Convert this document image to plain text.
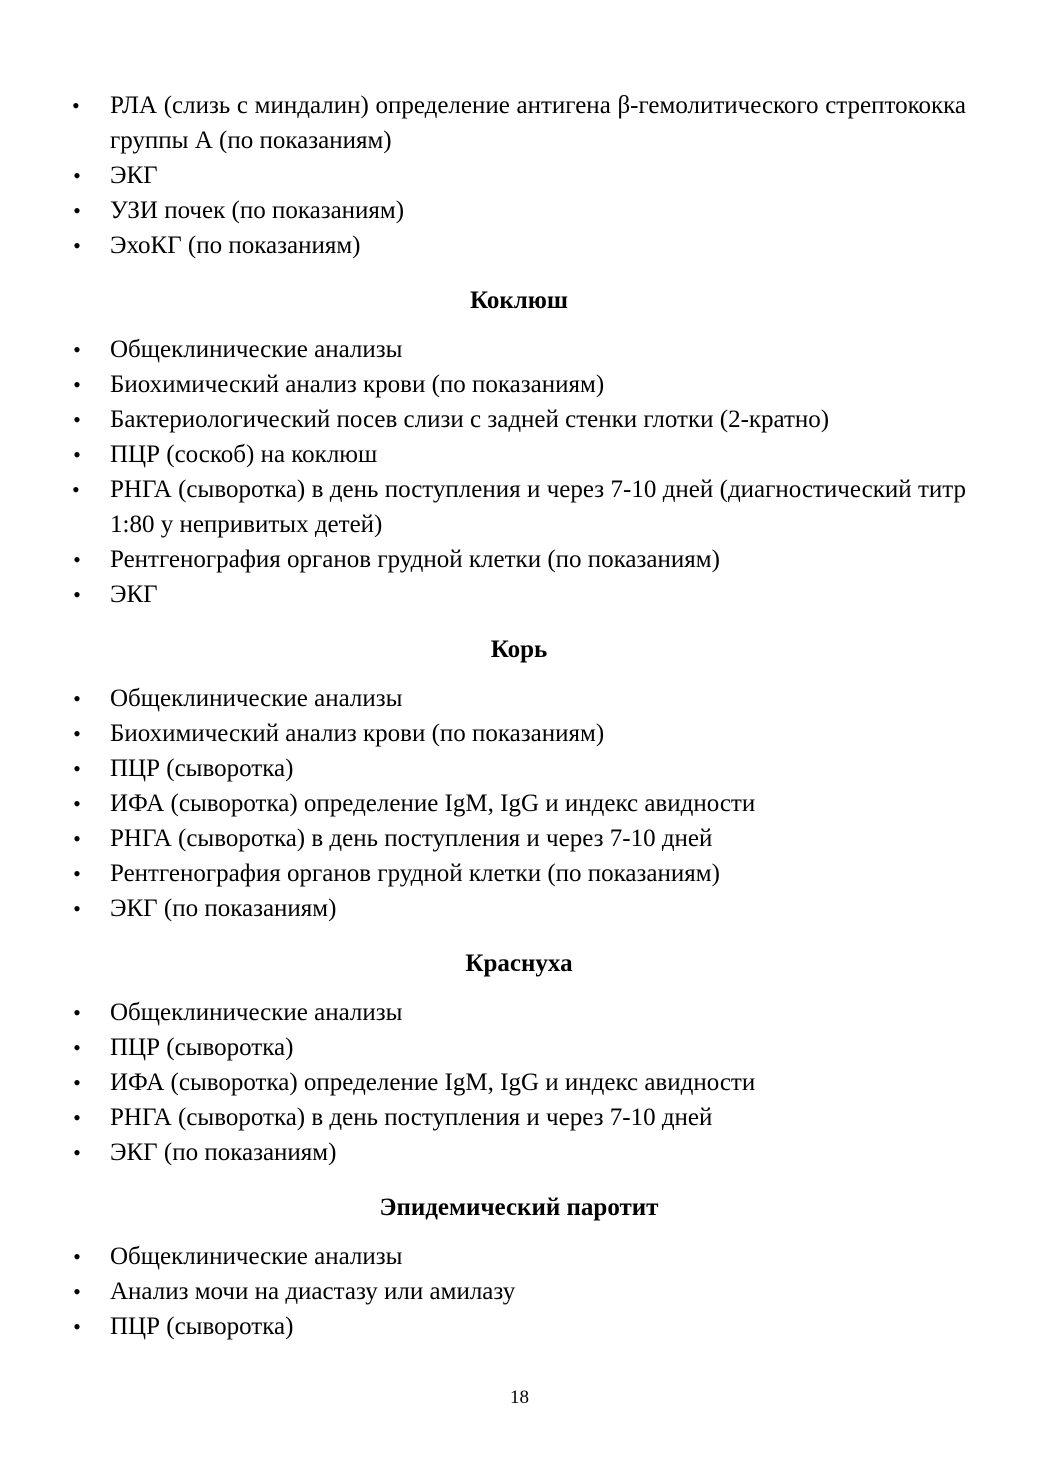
• РЛА (слизь с миндалин) определение антигена β-гемолитического стрептококка группы А (по показаниям)
• ЭКГ
• УЗИ почек (по показаниям)
• ЭхоКГ (по показаниям)
Коклюш
• Общеклинические анализы
• Биохимический анализ крови (по показаниям)
• Бактериологический посев слизи с задней стенки глотки (2-кратно)
• ПЦР (соскоб) на коклюш
• РНГА (сыворотка) в день поступления и через 7-10 дней (диагностический титр 1:80 у непривитых детей)
• Рентгенография органов грудной клетки (по показаниям)
• ЭКГ
Корь
• Общеклинические анализы
• Биохимический анализ крови (по показаниям)
• ПЦР (сыворотка)
• ИФА (сыворотка) определение IgM, IgG и индекс авидности
• РНГА (сыворотка) в день поступления и через 7-10 дней
• Рентгенография органов грудной клетки (по показаниям)
• ЭКГ (по показаниям)
Краснуха
• Общеклинические анализы
• ПЦР (сыворотка)
• ИФА (сыворотка) определение IgM, IgG и индекс авидности
• РНГА (сыворотка) в день поступления и через 7-10 дней
• ЭКГ (по показаниям)
Эпидемический паротит
• Общеклинические анализы
• Анализ мочи на диастазу или амилазу
• ПЦР (сыворотка)
18
